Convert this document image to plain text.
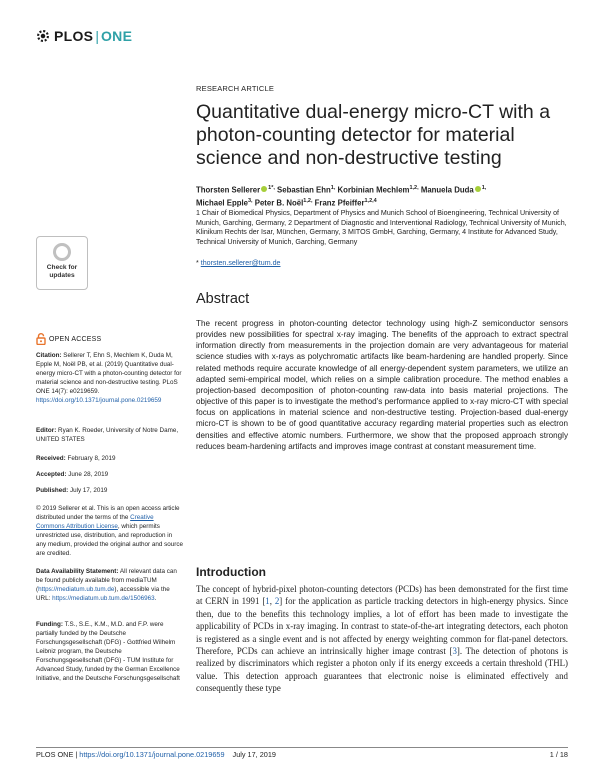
PLOS | ONE
RESEARCH ARTICLE
Quantitative dual-energy micro-CT with a photon-counting detector for material science and non-destructive testing
Thorsten Sellerer $^{1*,}$ Sebastian Ehn$^{1,}$ Korbinian Mechlem$^{1,2,}$ Manuela Duda $^{1,}$
Michael Epple$^{3,}$ Peter B. Noël$^{1,2,}$ Franz Pfeiffer$^{1,2,4}$
1 Chair of Biomedical Physics, Department of Physics and Munich School of Bioengineering, Technical University of Munich, Garching, Germany, 2 Department of Diagnostic and Interventional Radiology, Technical University of Munich, Klinikum Rechts der Isar, München, Germany, 3 MITOS GmbH, Garching, Germany, 4 Institute for Advanced Study, Technical University of Munich, Garching, Germany
* thorsten.sellerer@tum.de
Abstract
The recent progress in photon-counting detector technology using high-Z semiconductor sensors provides new possibilities for spectral x-ray imaging. The benefits of the approach to extract spectral information directly from measurements in the projection domain are very advantageous for material science studies with x-rays as polychromatic artifacts like beam-hardening are handled properly. Since related methods require accurate knowledge of all energy-dependent system parameters, we utilize an adapted semi-empirical model, which relies on a simple calibration procedure. The method enables a projection-based decomposition of photon-counting raw-data into basis material projections. The objective of this paper is to investigate the method's performance applied to x-ray micro-CT with special focus on applications in material science and non-destructive testing. Projection-based dual-energy micro-CT is shown to be of good quantitative accuracy regarding material properties such as electron densities and effective atomic numbers. Furthermore, we show that the proposed approach strongly reduces beam-hardening artifacts and improves image contrast at constant measurement time.
Introduction
The concept of hybrid-pixel photon-counting detectors (PCDs) has been demonstrated for the first time at CERN in 1991 [1, 2] for the application as particle tracking detectors in high-energy physics. Since then, due to the benefits this technology implies, a lot of effort has been made to investigate the applicability of PCDs in x-ray imaging. In contrast to state-of-the-art integrating detectors, each photon is registered as a single event and is not affected by energy weighting common for flat-panel detectors. Therefore, PCDs can achieve an intrinsically higher image contrast [3]. The detection of photons is realized by discriminators which register a photon only if its energy exceeds a certain threshold (THL) value. This detection approach guarantees that electronic noise is eliminated effectively and consequently these type
Check for
updates
OPEN ACCESS
Citation: Sellerer T, Ehn S, Mechlem K, Duda M, Epple M, Noël PB, et al. (2019) Quantitative dual-energy micro-CT with a photon-counting detector for material science and non-destructive testing. PLoS ONE 14(7): e0219659. https://doi.org/10.1371/journal.pone.0219659
Editor: Ryan K. Roeder, University of Notre Dame, UNITED STATES
Received: February 8, 2019
Accepted: June 28, 2019
Published: July 17, 2019
© 2019 Sellerer et al. This is an open access article distributed under the terms of the Creative Commons Attribution License, which permits unrestricted use, distribution, and reproduction in any medium, provided the original author and source are credited.
Data Availability Statement: All relevant data can be found publicly available from mediaTUM (https://mediatum.ub.tum.de), accessible via the URL: https://mediatum.ub.tum.de/1506963.
Funding: T.S., S.E., K.M., M.D. and F.P. were partially funded by the Deutsche Forschungsgesellschaft (DFG) - Gottfried Wilhelm Leibniz program, the Deutsche Forschungsgesellschaft (DFG) - TUM Institute for Advanced Study, funded by the German Excellence Initiative, and the Deutsche Forschungsgesellschaft
PLOS ONE | https://doi.org/10.1371/journal.pone.0219659 July 17, 2019	1 / 18
